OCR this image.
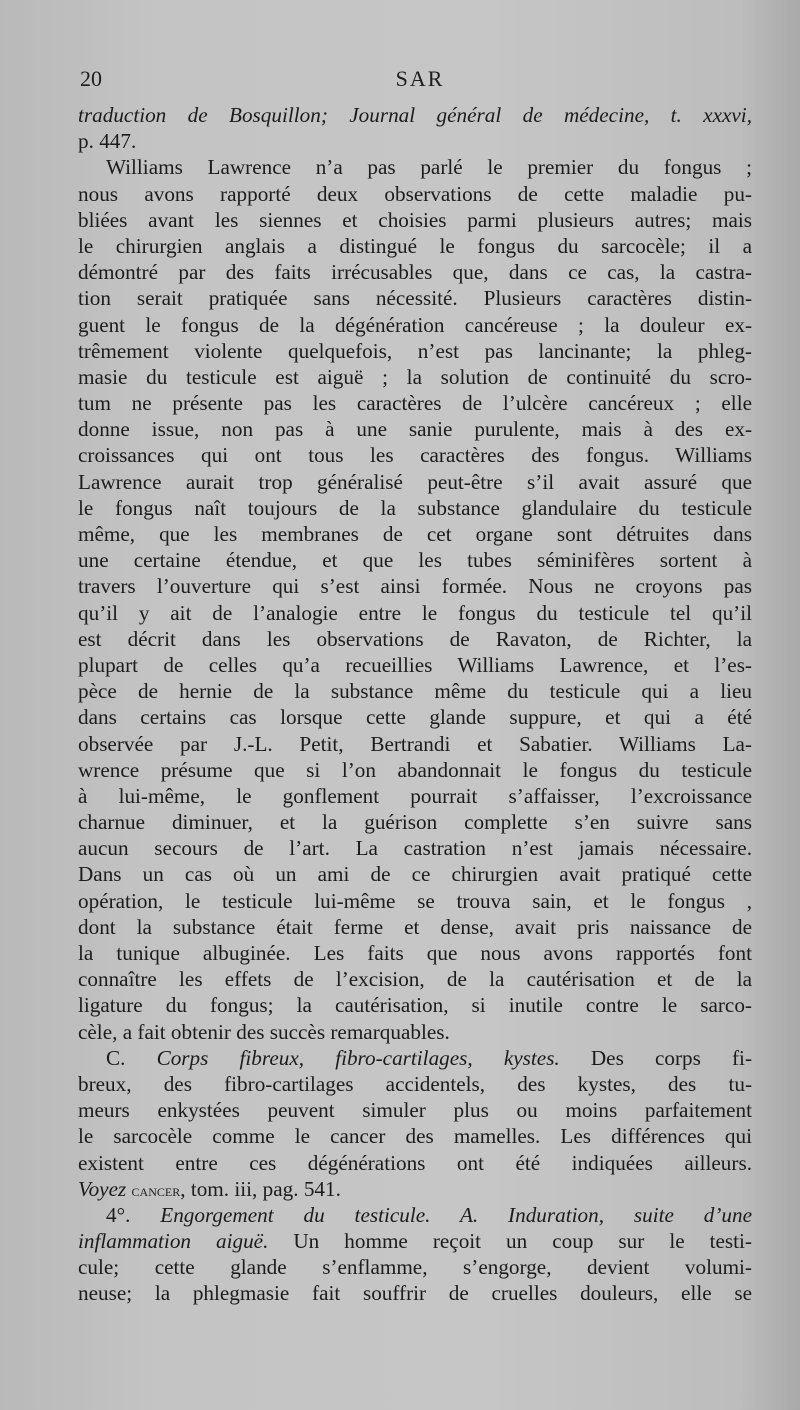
20	SAR
traduction de Bosquillon; Journal général de médecine, t. xxxvi,
p. 447.
Williams Lawrence n’a pas parlé le premier du fongus ;
nous avons rapporté deux observations de cette maladie pu-
bliées avant les siennes et choisies parmi plusieurs autres; mais
le chirurgien anglais a distingué le fongus du sarcocèle; il a
démontré par des faits irrécusables que, dans ce cas, la castra-
tion serait pratiquée sans nécessité. Plusieurs caractères distin-
guent le fongus de la dégénération cancéreuse ; la douleur ex-
trêmement violente quelquefois, n’est pas lancinante; la phleg-
masie du testicule est aiguë ; la solution de continuité du scro-
tum ne présente pas les caractères de l’ulcère cancéreux ; elle
donne issue, non pas à une sanie purulente, mais à des ex-
croissances qui ont tous les caractères des fongus. Williams
Lawrence aurait trop généralisé peut-être s’il avait assuré que
le fongus naît toujours de la substance glandulaire du testicule
même, que les membranes de cet organe sont détruites dans
une certaine étendue, et que les tubes séminifères sortent à
travers l’ouverture qui s’est ainsi formée. Nous ne croyons pas
qu’il y ait de l’analogie entre le fongus du testicule tel qu’il
est décrit dans les observations de Ravaton, de Richter, la
plupart de celles qu’a recueillies Williams Lawrence, et l’es-
pèce de hernie de la substance même du testicule qui a lieu
dans certains cas lorsque cette glande suppure, et qui a été
observée par J.-L. Petit, Bertrandi et Sabatier. Williams La-
wrence présume que si l’on abandonnait le fongus du testicule
à lui-même, le gonflement pourrait s’affaisser, l’excroissance
charnue diminuer, et la guérison complette s’en suivre sans
aucun secours de l’art. La castration n’est jamais nécessaire.
Dans un cas où un ami de ce chirurgien avait pratiqué cette
opération, le testicule lui-même se trouva sain, et le fongus ,
dont la substance était ferme et dense, avait pris naissance de
la tunique albuginée. Les faits que nous avons rapportés font
connaître les effets de l’excision, de la cautérisation et de la
ligature du fongus; la cautérisation, si inutile contre le sarco-
cèle, a fait obtenir des succès remarquables.
C. Corps fibreux, fibro-cartilages, kystes. Des corps fi-
breux, des fibro-cartilages accidentels, des kystes, des tu-
meurs enkystées peuvent simuler plus ou moins parfaitement
le sarcocèle comme le cancer des mamelles. Les différences qui
existent entre ces dégénérations ont été indiquées ailleurs.
Voyez cancer, tom. iii, pag. 541.
4°. Engorgement du testicule. A. Induration, suite d’une
inflammation aiguë. Un homme reçoit un coup sur le testi-
cule; cette glande s’enflamme, s’engorge, devient volumi-
neuse; la phlegmasie fait souffrir de cruelles douleurs, elle se
